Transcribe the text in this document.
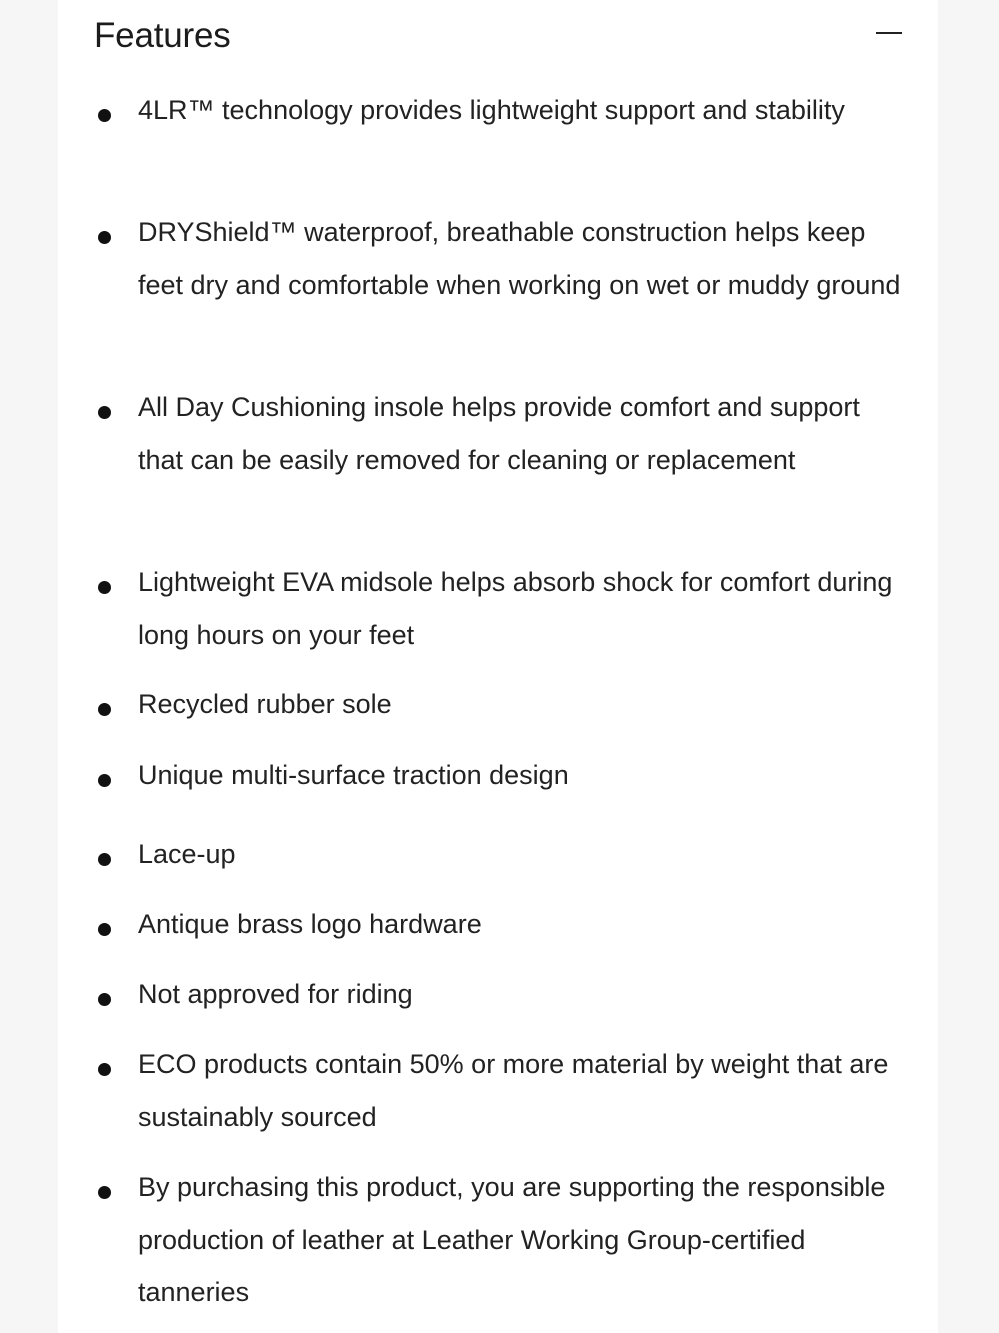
Features
4LR™ technology provides lightweight support and stability
DRYShield™ waterproof, breathable construction helps keep feet dry and comfortable when working on wet or muddy ground
All Day Cushioning insole helps provide comfort and support that can be easily removed for cleaning or replacement
Lightweight EVA midsole helps absorb shock for comfort during long hours on your feet
Recycled rubber sole
Unique multi-surface traction design
Lace-up
Antique brass logo hardware
Not approved for riding
ECO products contain 50% or more material by weight that are sustainably sourced
By purchasing this product, you are supporting the responsible production of leather at Leather Working Group-certified tanneries
